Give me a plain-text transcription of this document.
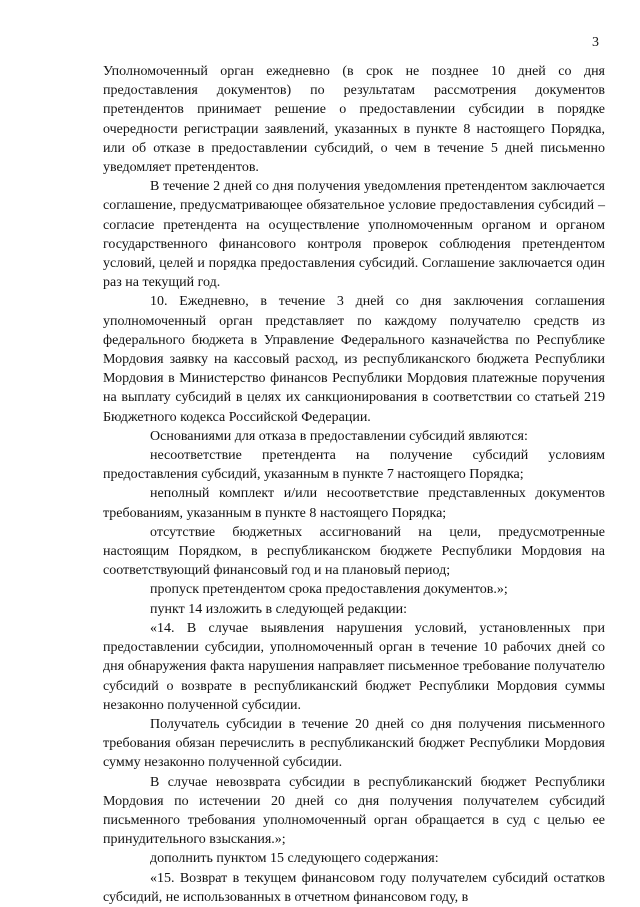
3

Уполномоченный орган ежедневно (в срок не позднее 10 дней со дня предоставления документов) по результатам рассмотрения документов претендентов принимает решение о предоставлении субсидии в порядке очередности регистрации заявлений, указанных в пункте 8 настоящего Порядка, или об отказе в предоставлении субсидий, о чем в течение 5 дней письменно уведомляет претендентов.

В течение 2 дней со дня получения уведомления претендентом заключается соглашение, предусматривающее обязательное условие предоставления субсидий – согласие претендента на осуществление уполномоченным органом и органом государственного финансового контроля проверок соблюдения претендентом условий, целей и порядка предоставления субсидий. Соглашение заключается один раз на текущий год.

10. Ежедневно, в течение 3 дней со дня заключения соглашения уполномоченный орган представляет по каждому получателю средств из федерального бюджета в Управление Федерального казначейства по Республике Мордовия заявку на кассовый расход, из республиканского бюджета Республики Мордовия в Министерство финансов Республики Мордовия платежные поручения на выплату субсидий в целях их санкционирования в соответствии со статьей 219 Бюджетного кодекса Российской Федерации.

Основаниями для отказа в предоставлении субсидий являются:

несоответствие претендента на получение субсидий условиям предоставления субсидий, указанным в пункте 7 настоящего Порядка;

неполный комплект и/или несоответствие представленных документов требованиям, указанным в пункте 8 настоящего Порядка;

отсутствие бюджетных ассигнований на цели, предусмотренные настоящим Порядком, в республиканском бюджете Республики Мордовия на соответствующий финансовый год и на плановый период;

пропуск претендентом срока предоставления документов.»;

пункт 14 изложить в следующей редакции:

«14. В случае выявления нарушения условий, установленных при предоставлении субсидии, уполномоченный орган в течение 10 рабочих дней со дня обнаружения факта нарушения направляет письменное требование получателю субсидий о возврате в республиканский бюджет Республики Мордовия суммы незаконно полученной субсидии.

Получатель субсидии в течение 20 дней со дня получения письменного требования обязан перечислить в республиканский бюджет Республики Мордовия сумму незаконно полученной субсидии.

В случае невозврата субсидии в республиканский бюджет Республики Мордовия по истечении 20 дней со дня получения получателем субсидий письменного требования уполномоченный орган обращается в суд с целью ее принудительного взыскания.»;

дополнить пунктом 15 следующего содержания:

«15. Возврат в текущем финансовом году получателем субсидий остатков субсидий, не использованных в отчетном финансовом году, в
